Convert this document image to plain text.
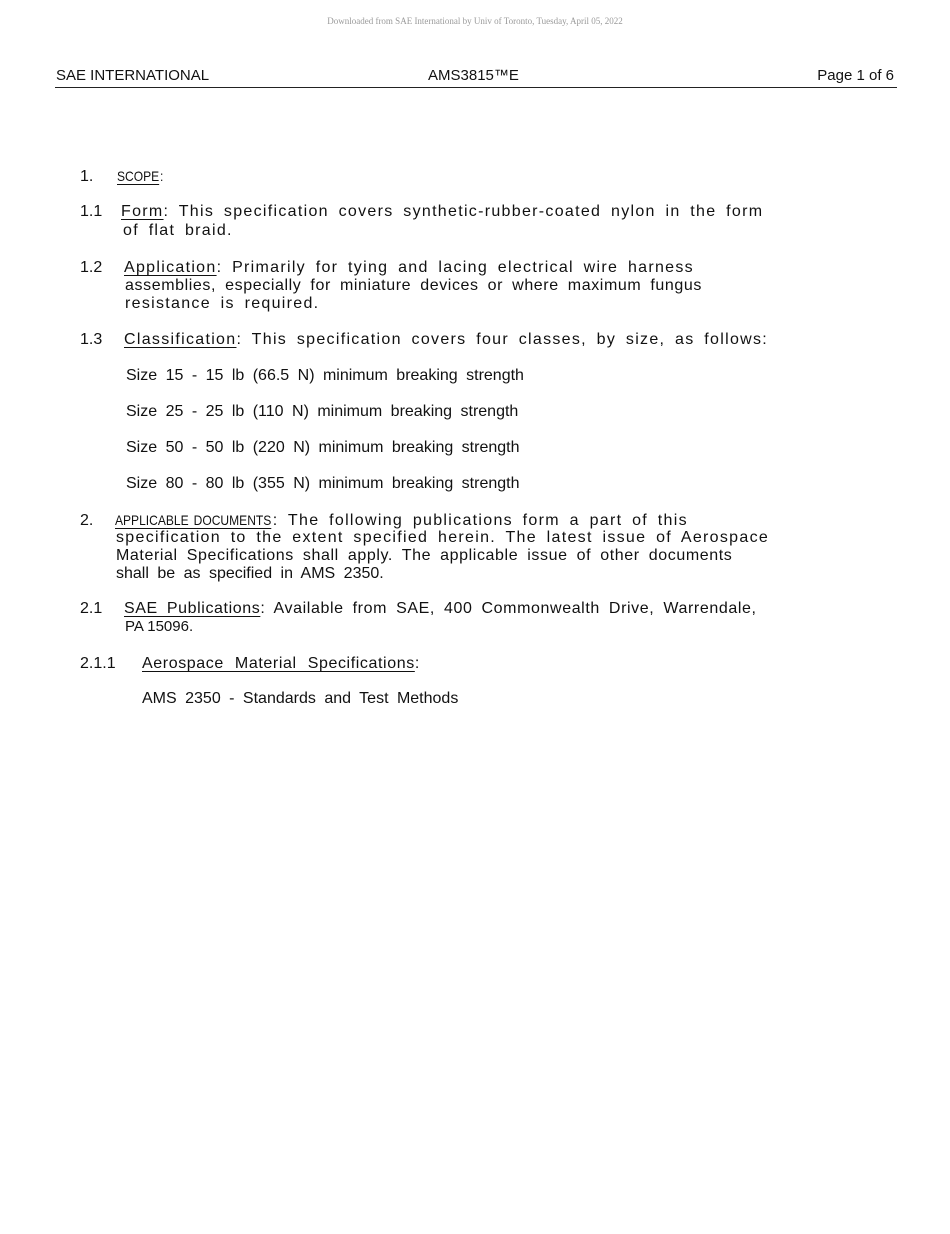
Downloaded from SAE International by Univ of Toronto, Tuesday, April 05, 2022
SAE INTERNATIONAL	AMS3815™E	Page 1 of 6
1. SCOPE:
1.1 Form: This specification covers synthetic-rubber-coated nylon in the form
of flat braid.
1.2 Application: Primarily for tying and lacing electrical wire harness
assemblies, especially for miniature devices or where maximum fungus
resistance is required.
1.3 Classification: This specification covers four classes, by size, as follows:
Size 15 - 15 lb (66.5 N) minimum breaking strength
Size 25 - 25 lb (110 N) minimum breaking strength
Size 50 - 50 lb (220 N) minimum breaking strength
Size 80 - 80 lb (355 N) minimum breaking strength
2. APPLICABLE DOCUMENTS: The following publications form a part of this
specification to the extent specified herein. The latest issue of Aerospace
Material Specifications shall apply. The applicable issue of other documents
shall be as specified in AMS 2350.
2.1 SAE Publications: Available from SAE, 400 Commonwealth Drive, Warrendale,
PA 15096.
2.1.1 Aerospace Material Specifications:
AMS 2350 - Standards and Test Methods
